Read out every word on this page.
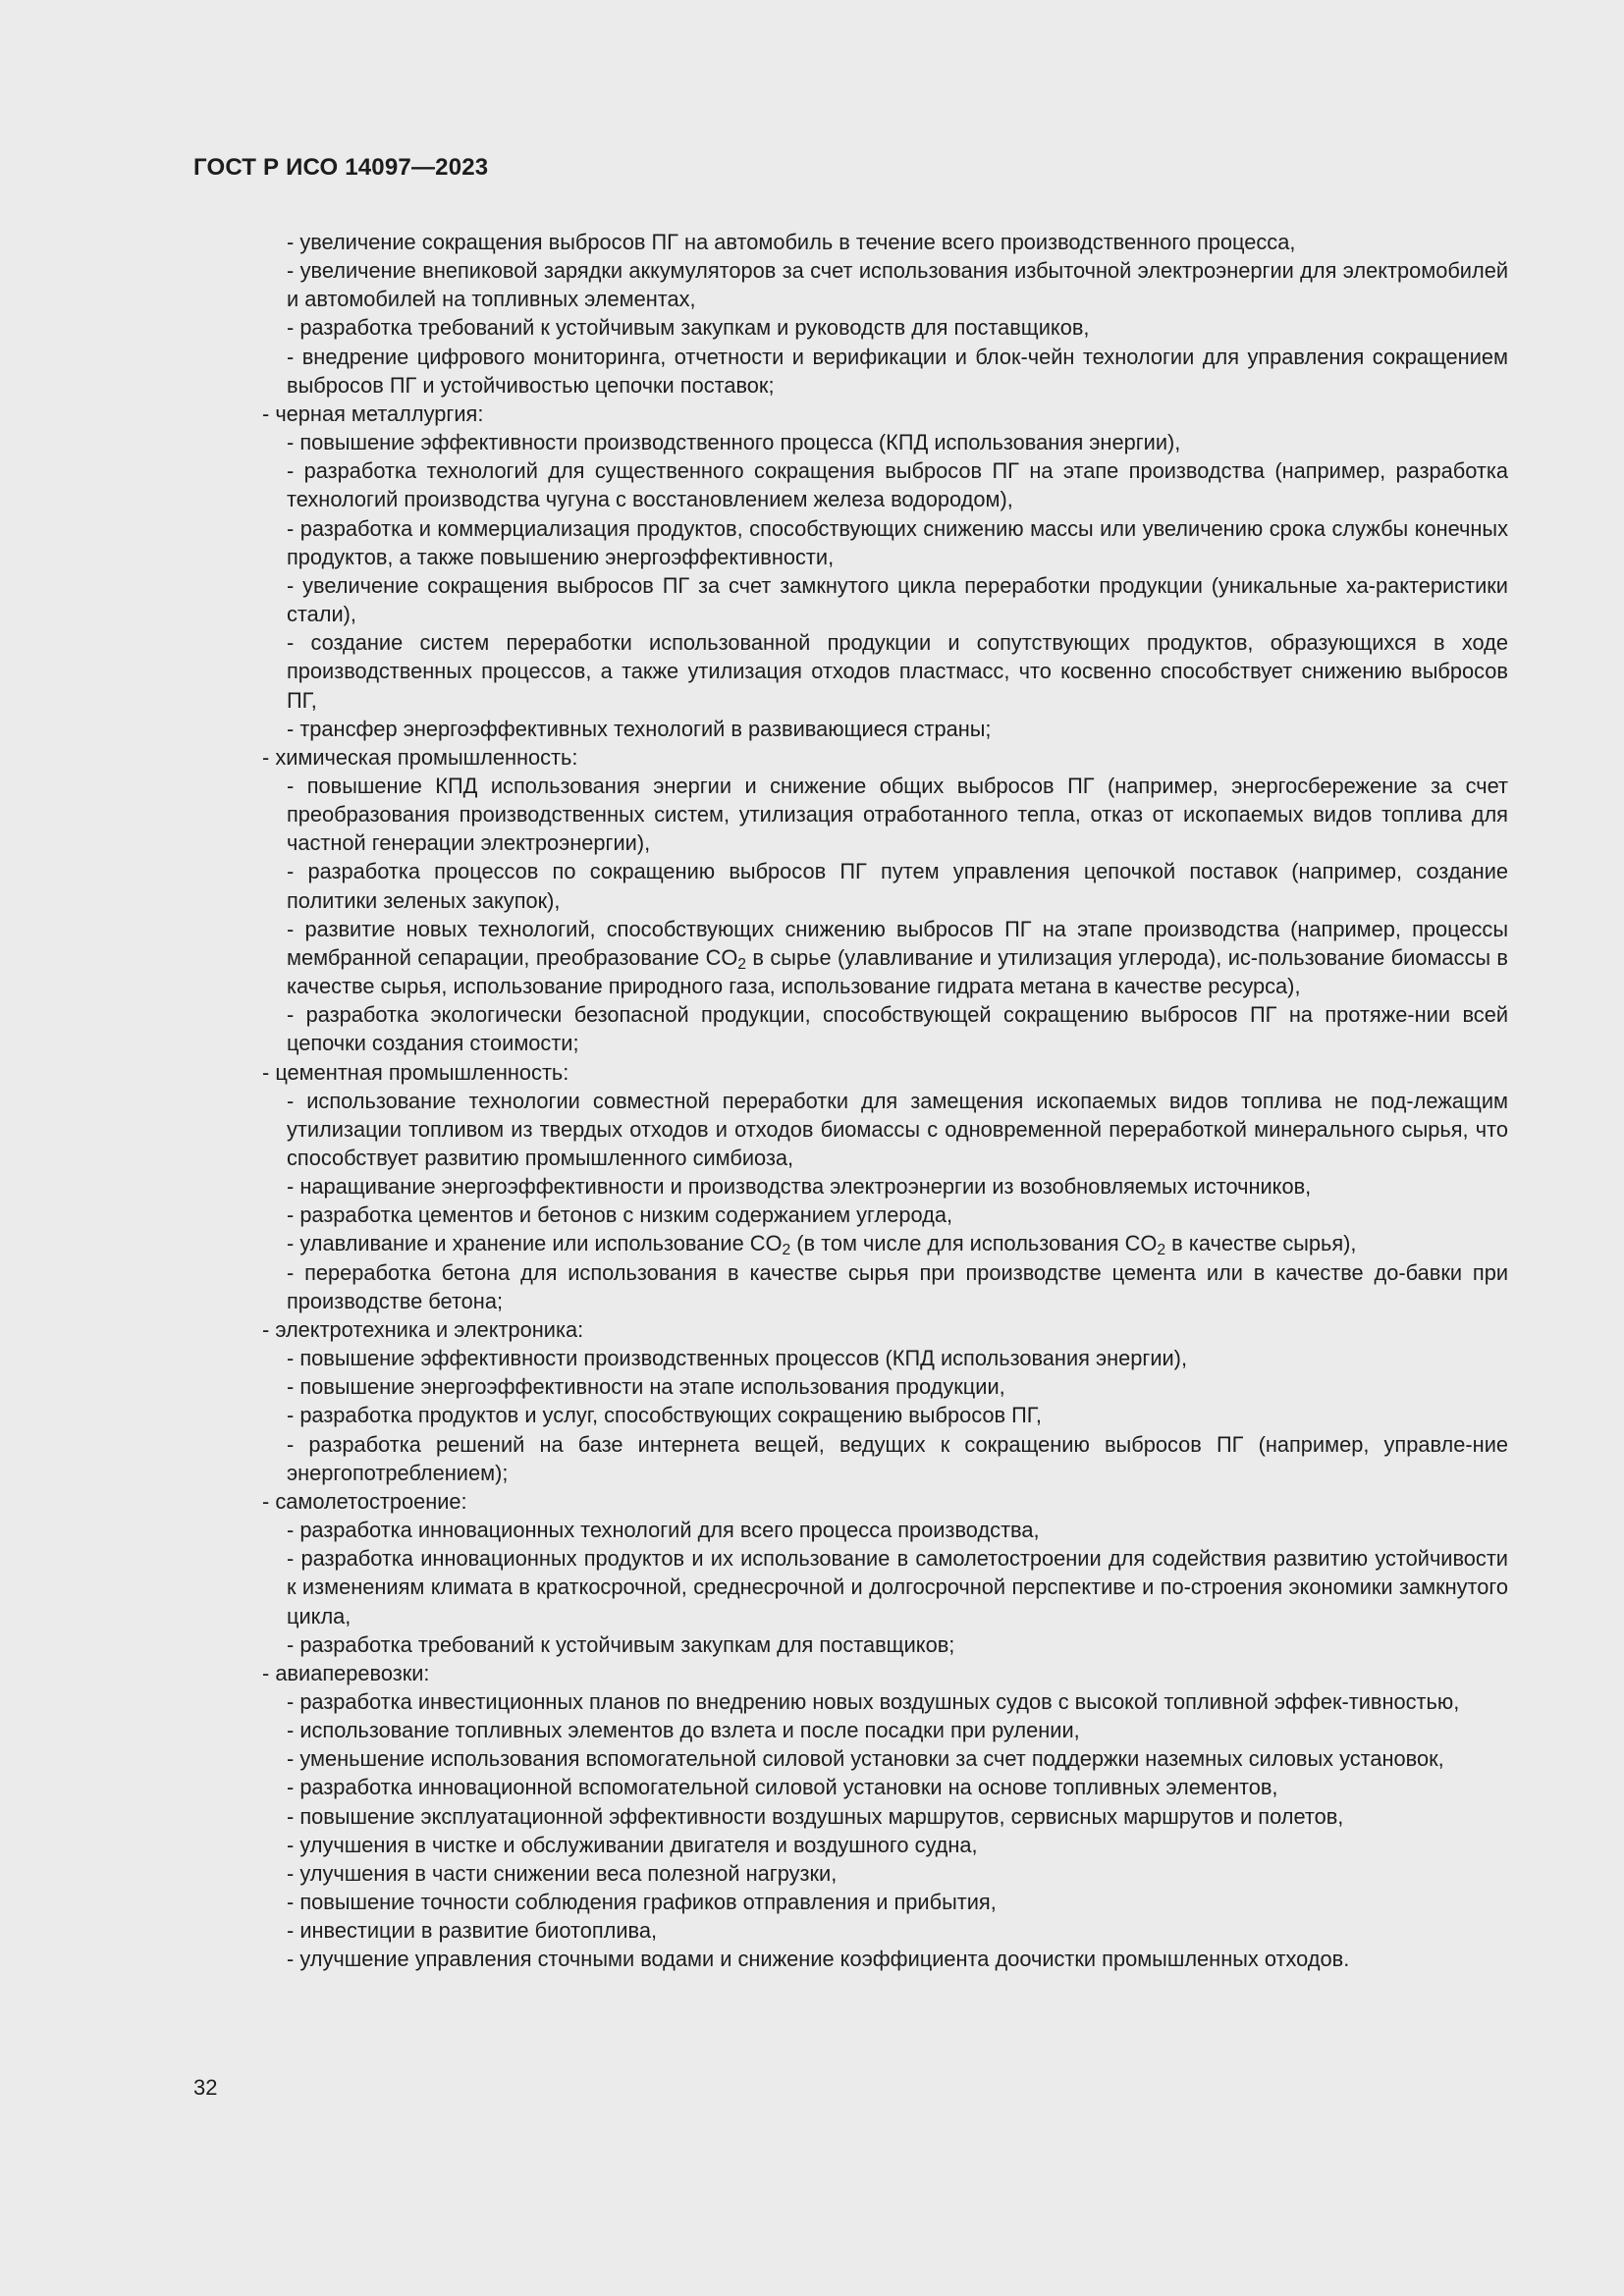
ГОСТ Р ИСО 14097—2023
- увеличение сокращения выбросов ПГ на автомобиль в течение всего производственного процесса,
- увеличение внепиковой зарядки аккумуляторов за счет использования избыточной электроэнергии для электромобилей и автомобилей на топливных элементах,
- разработка требований к устойчивым закупкам и руководств для поставщиков,
- внедрение цифрового мониторинга, отчетности и верификации и блок-чейн технологии для управления сокращением выбросов ПГ и устойчивостью цепочки поставок;
- черная металлургия:
- повышение эффективности производственного процесса (КПД использования энергии),
- разработка технологий для существенного сокращения выбросов ПГ на этапе производства (например, разработка технологий производства чугуна с восстановлением железа водородом),
- разработка и коммерциализация продуктов, способствующих снижению массы или увеличению срока службы конечных продуктов, а также повышению энергоэффективности,
- увеличение сокращения выбросов ПГ за счет замкнутого цикла переработки продукции (уникальные ха-рактеристики стали),
- создание систем переработки использованной продукции и сопутствующих продуктов, образующихся в ходе производственных процессов, а также утилизация отходов пластмасс, что косвенно способствует снижению выбросов ПГ,
- трансфер энергоэффективных технологий в развивающиеся страны;
- химическая промышленность:
- повышение КПД использования энергии и снижение общих выбросов ПГ (например, энергосбережение за счет преобразования производственных систем, утилизация отработанного тепла, отказ от ископаемых видов топлива для частной генерации электроэнергии),
- разработка процессов по сокращению выбросов ПГ путем управления цепочкой поставок (например, создание политики зеленых закупок),
- развитие новых технологий, способствующих снижению выбросов ПГ на этапе производства (например, процессы мембранной сепарации, преобразование $CO_2$ в сырье (улавливание и утилизация углерода), ис-пользование биомассы в качестве сырья, использование природного газа, использование гидрата метана в качестве ресурса),
- разработка экологически безопасной продукции, способствующей сокращению выбросов ПГ на протяже-нии всей цепочки создания стоимости;
- цементная промышленность:
- использование технологии совместной переработки для замещения ископаемых видов топлива не под-лежащим утилизации топливом из твердых отходов и отходов биомассы с одновременной переработкой минерального сырья, что способствует развитию промышленного симбиоза,
- наращивание энергоэффективности и производства электроэнергии из возобновляемых источников,
- разработка цементов и бетонов с низким содержанием углерода,
- улавливание и хранение или использование $CO_2$ (в том числе для использования $CO_2$ в качестве сырья),
- переработка бетона для использования в качестве сырья при производстве цемента или в качестве до-бавки при производстве бетона;
- электротехника и электроника:
- повышение эффективности производственных процессов (КПД использования энергии),
- повышение энергоэффективности на этапе использования продукции,
- разработка продуктов и услуг, способствующих сокращению выбросов ПГ,
- разработка решений на базе интернета вещей, ведущих к сокращению выбросов ПГ (например, управле-ние энергопотреблением);
- самолетостроение:
- разработка инновационных технологий для всего процесса производства,
- разработка инновационных продуктов и их использование в самолетостроении для содействия развитию устойчивости к изменениям климата в краткосрочной, среднесрочной и долгосрочной перспективе и по-строения экономики замкнутого цикла,
- разработка требований к устойчивым закупкам для поставщиков;
- авиаперевозки:
- разработка инвестиционных планов по внедрению новых воздушных судов с высокой топливной эффек-тивностью,
- использование топливных элементов до взлета и после посадки при рулении,
- уменьшение использования вспомогательной силовой установки за счет поддержки наземных силовых установок,
- разработка инновационной вспомогательной силовой установки на основе топливных элементов,
- повышение эксплуатационной эффективности воздушных маршрутов, сервисных маршрутов и полетов,
- улучшения в чистке и обслуживании двигателя и воздушного судна,
- улучшения в части снижении веса полезной нагрузки,
- повышение точности соблюдения графиков отправления и прибытия,
- инвестиции в развитие биотоплива,
- улучшение управления сточными водами и снижение коэффициента доочистки промышленных отходов.
32
